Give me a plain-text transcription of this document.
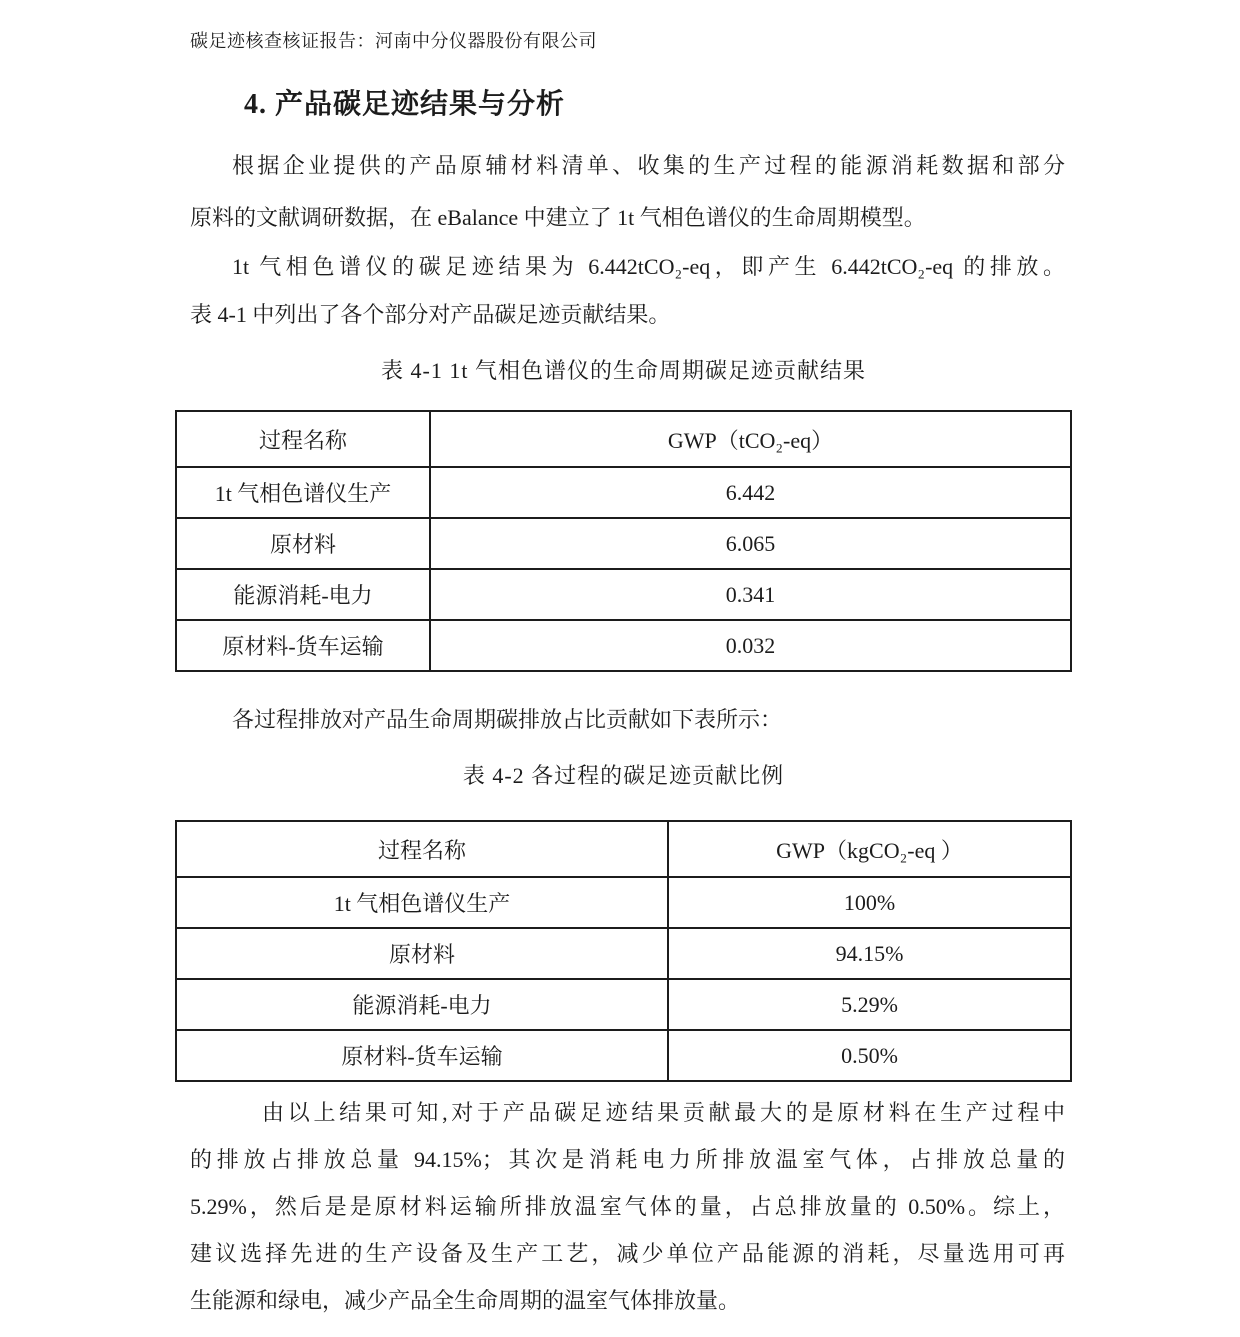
碳足迹核查核证报告：河南中分仪器股份有限公司
4. 产品碳足迹结果与分析
根据企业提供的产品原辅材料清单、收集的生产过程的能源消耗数据和部分
原料的文献调研数据，在 eBalance 中建立了 1t 气相色谱仪的生命周期模型。
1t 气相色谱仪的碳足迹结果为 6.442tCO₂-eq，即产生 6.442tCO₂-eq 的排放。
表 4-1 中列出了各个部分对产品碳足迹贡献结果。
表 4-1 1t 气相色谱仪的生命周期碳足迹贡献结果
过程名称	GWP（tCO₂-eq）
1t 气相色谱仪生产	6.442
原材料	6.065
能源消耗-电力	0.341
原材料-货车运输	0.032
各过程排放对产品生命周期碳排放占比贡献如下表所示：
表 4-2 各过程的碳足迹贡献比例
过程名称	GWP（kgCO₂-eq ）
1t 气相色谱仪生产	100%
原材料	94.15%
能源消耗-电力	5.29%
原材料-货车运输	0.50%
由以上结果可知,对于产品碳足迹结果贡献最大的是原材料在生产过程中
的排放占排放总量 94.15%；其次是消耗电力所排放温室气体，占排放总量的
5.29%，然后是是原材料运输所排放温室气体的量，占总排放量的 0.50%。综上，
建议选择先进的生产设备及生产工艺，减少单位产品能源的消耗，尽量选用可再
生能源和绿电，减少产品全生命周期的温室气体排放量。
